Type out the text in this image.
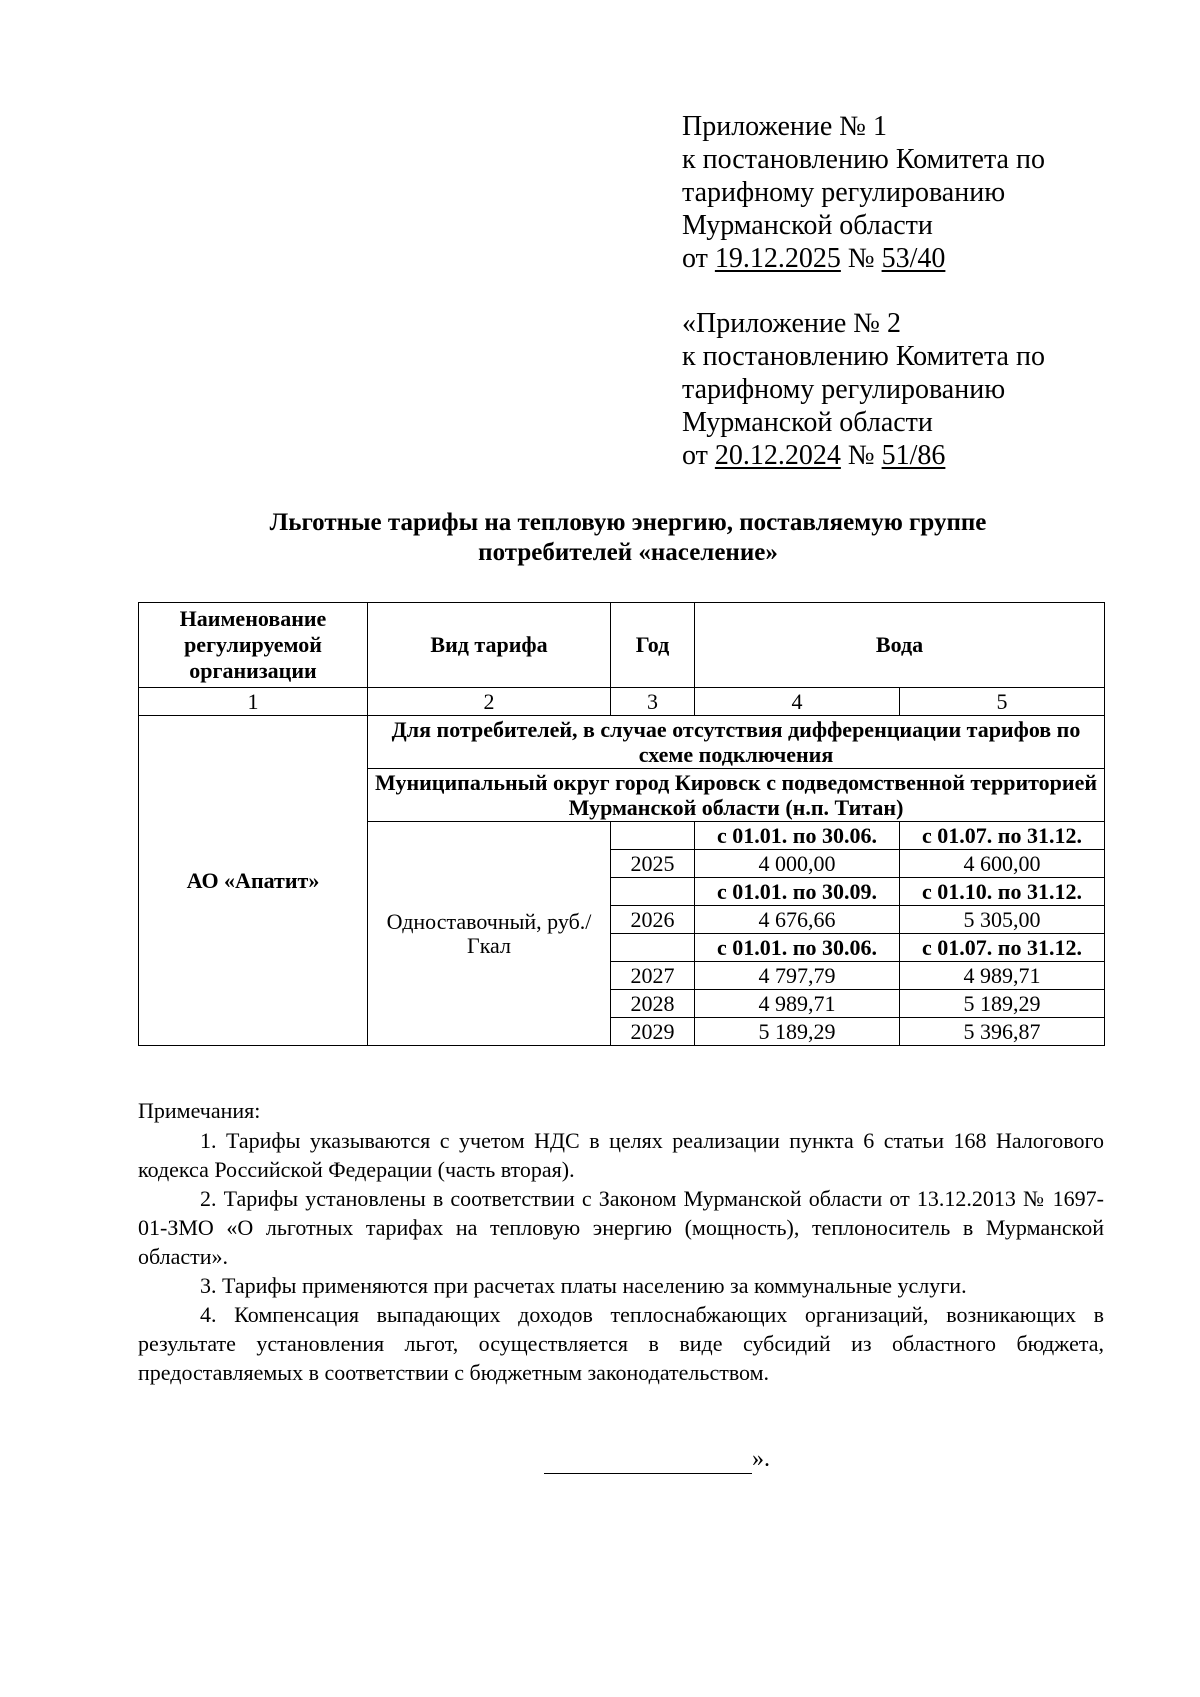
Приложение № 1
к постановлению Комитета по
тарифному регулированию
Мурманской области
от 19.12.2025 № 53/40
«Приложение № 2
к постановлению Комитета по
тарифному регулированию
Мурманской области
от 20.12.2024 № 51/86
Льготные тарифы на тепловую энергию, поставляемую группе
потребителей «население»
Наименование регулируемой организации	Вид тарифа	Год	Вода	
1	2	3	4	5
АО «Апатит»	Для потребителей, в случае отсутствия дифференциации тарифов по схеме подключения			
	Муниципальный округ город Кировск с подведомственной территорией Мурманской области (н.п. Титан)			
	Одноставочный, руб./Гкал		с 01.01. по 30.06.	с 01.07. по 31.12.
		2025	4 000,00	4 600,00
			с 01.01. по 30.09.	с 01.10. по 31.12.
		2026	4 676,66	5 305,00
			с 01.01. по 30.06.	с 01.07. по 31.12.
		2027	4 797,79	4 989,71
		2028	4 989,71	5 189,29
		2029	5 189,29	5 396,87

Примечания:

1. Тарифы указываются с учетом НДС в целях реализации пункта 6 статьи 168 Налогового кодекса Российской Федерации (часть вторая).

2. Тарифы установлены в соответствии с Законом Мурманской области от 13.12.2013 № 1697-01-ЗМО «О льготных тарифах на тепловую энергию (мощность), теплоноситель в Мурманской области».

3. Тарифы применяются при расчетах платы населению за коммунальные услуги.

4. Компенсация выпадающих доходов теплоснабжающих организаций, возникающих в результате установления льгот, осуществляется в виде субсидий из областного бюджета, предоставляемых в соответствии с бюджетным законодательством.

».
